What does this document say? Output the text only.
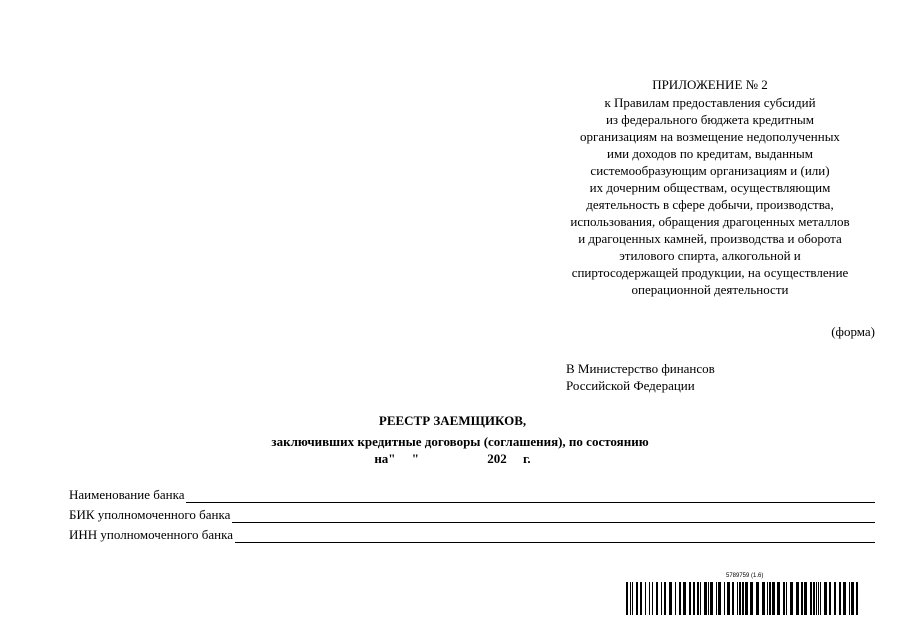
ПРИЛОЖЕНИЕ № 2
к Правилам предоставления субсидий
из федерального бюджета кредитным
организациям на возмещение недополученных
ими доходов по кредитам, выданным
системообразующим организациям и (или)
их дочерним обществам, осуществляющим
деятельность в сфере добычи, производства,
использования, обращения драгоценных металлов
и драгоценных камней, производства и оборота
этилового спирта, алкогольной и
спиртосодержащей продукции, на осуществление
операционной деятельности
(форма)
В Министерство финансов
Российской Федерации
РЕЕСТР ЗАЕМЩИКОВ,
заключивших кредитные договоры (соглашения), по состоянию
на"     "                     202     г.
Наименование банка
БИК уполномоченного банка
ИНН уполномоченного банка
5789759 (1.6)
